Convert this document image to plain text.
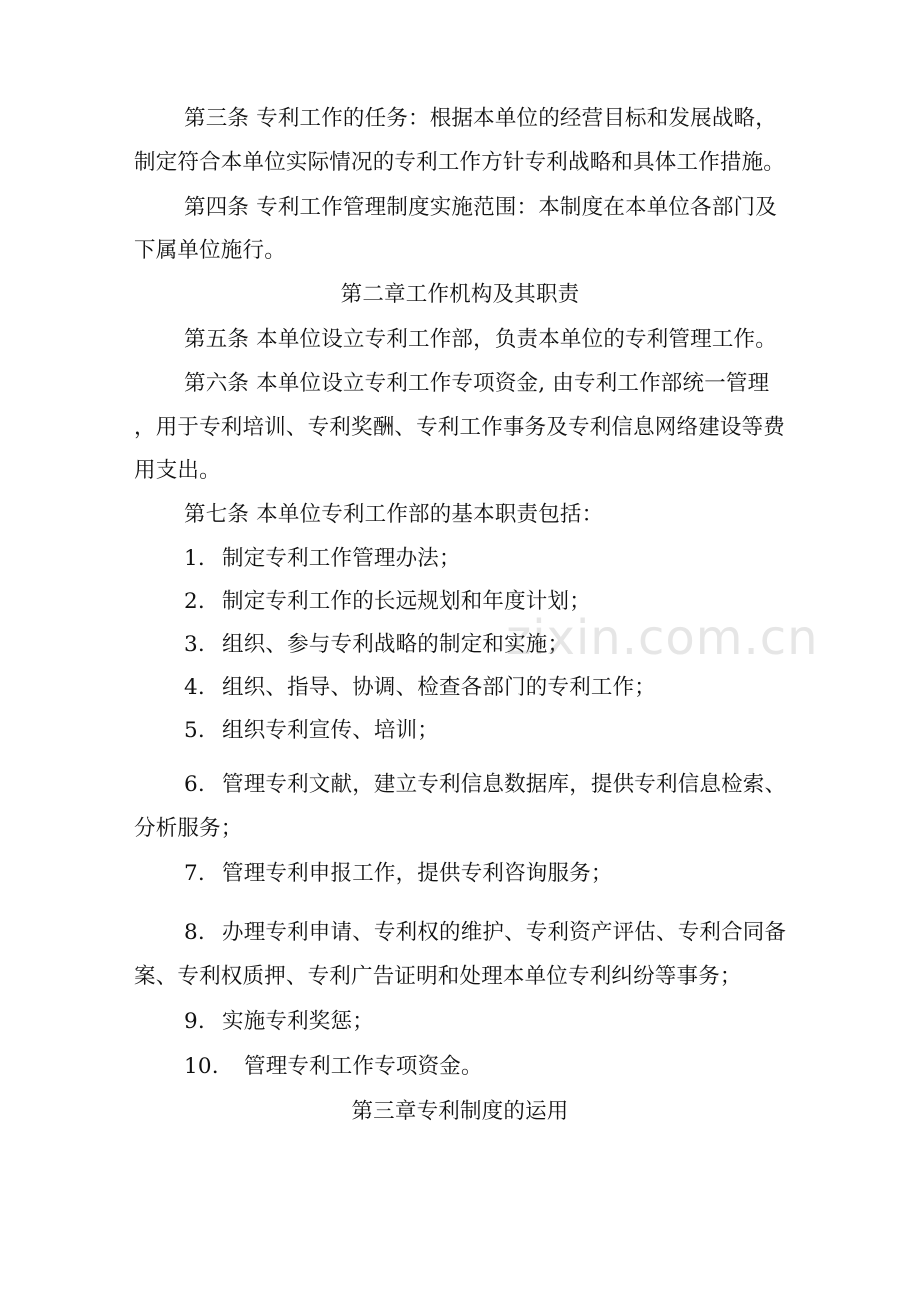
zixin.com.cn
第三条 专利工作的任务：根据本单位的经营目标和发展战略，
制定符合本单位实际情况的专利工作方针专利战略和具体工作措施。
第四条 专利工作管理制度实施范围：本制度在本单位各部门及
下属单位施行。
第二章工作机构及其职责
第五条 本单位设立专利工作部，负责本单位的专利管理工作。
第六条 本单位设立专利工作专项资金, 由专利工作部统一管理
，用于专利培训、专利奖酬、专利工作事务及专利信息网络建设等费
用支出。
第七条 本单位专利工作部的基本职责包括：
1. 制定专利工作管理办法；
2. 制定专利工作的长远规划和年度计划；
3. 组织、参与专利战略的制定和实施；
4. 组织、指导、协调、检查各部门的专利工作；
5. 组织专利宣传、培训；
6. 管理专利文献，建立专利信息数据库，提供专利信息检索、
分析服务；
7. 管理专利申报工作，提供专利咨询服务；
8. 办理专利申请、专利权的维护、专利资产评估、专利合同备
案、专利权质押、专利广告证明和处理本单位专利纠纷等事务；
9. 实施专利奖惩；
10. 管理专利工作专项资金。
第三章专利制度的运用
